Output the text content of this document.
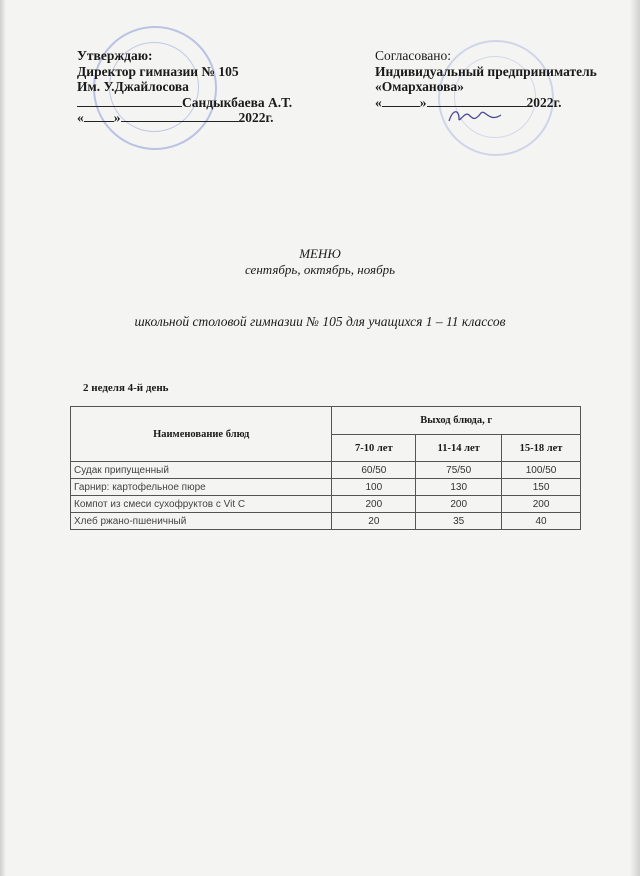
Утверждаю:
Директор гимназии № 105
Им. У.Джайлосова
Сандыкбаева А.Т.
« »	2022г.
Согласовано:
Индивидуальный предприниматель
«Омарханова»
«	»	2022г.
МЕНЮ
сентябрь, октябрь, ноябрь
школьной столовой гимназии № 105 для учащихся 1 – 11 классов
2 неделя 4-й день
Наименование блюд	Выход блюда, г		
	7-10 лет	11-14 лет	15-18 лет
Судак припущенный	60/50	75/50	100/50
Гарнир: картофельное пюре	100	130	150
Компот из смеси сухофруктов с Vit C	200	200	200
Хлеб ржано-пшеничный	20	35	40
